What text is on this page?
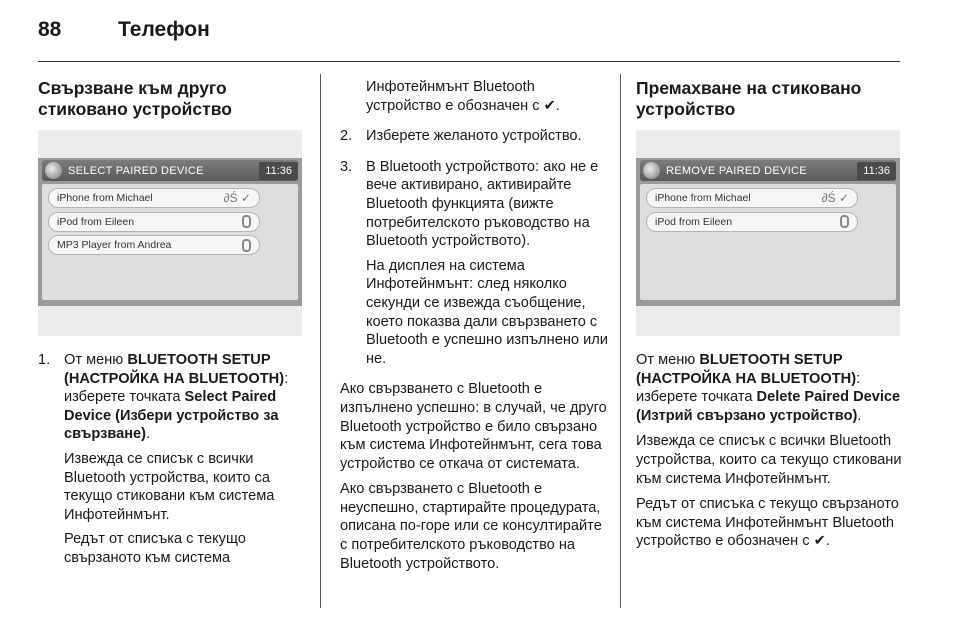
88	Телефон
Свързване към друго
стиковано устройство
SELECT PAIRED DEVICE	11:36
iPhone from Michael	∂Ś ✓
iPod from Eileen
MP3 Player from Andrea
1. От меню BLUETOOTH SETUP (НАСТРОЙКА НА BLUETOOTH): изберете точката Select Paired Device (Избери устройство за свързване).

Извежда се списък с всички Bluetooth устройства, които са текущо стиковани към система Инфотейнмънт.

Редът от списъка с текущо свързаното към система

Инфотейнмънт Bluetooth устройство е обозначен с ✔.

2. Изберете желаното устройство.

3. В Bluetooth устройството: ако не е вече активирано, активирайте Bluetooth функцията (вижте потребителското ръководство на Bluetooth устройството).

На дисплея на система Инфотейнмънт: след няколко секунди се извежда съобщение, което показва дали свързването с Bluetooth е успешно изпълнено или не.

Ако свързването с Bluetooth е изпълнено успешно: в случай, че друго Bluetooth устройство е било свързано към система Инфотейнмънт, сега това устройство се откача от системата.

Ако свързването с Bluetooth е неуспешно, стартирайте процедурата, описана по-горе или се консултирайте с потребителското ръководство на Bluetooth устройството.

Премахване на стиковано
устройство
REMOVE PAIRED DEVICE	11:36
iPhone from Michael	∂Ś ✓
iPod from Eileen

От меню BLUETOOTH SETUP (НАСТРОЙКА НА BLUETOOTH): изберете точката Delete Paired Device (Изтрий свързано устройство).

Извежда се списък с всички Bluetooth устройства, които са текущо стиковани към система Инфотейнмънт.

Редът от списъка с текущо свързаното към система Инфотейнмънт Bluetooth устройство е обозначен с ✔.
